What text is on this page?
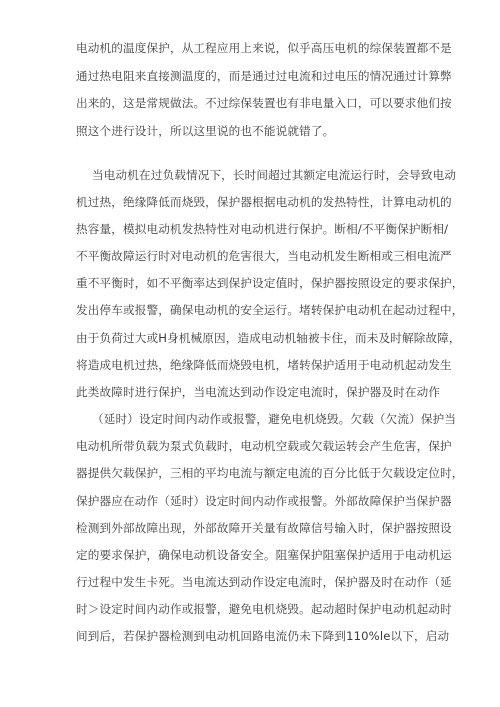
电动机的温度保护，从工程应用上来说，似乎高压电机的综保装置都不是
通过热电阻来直接测温度的，而是通过过电流和过电压的情况通过计算弊
出来的，这是常规做法。不过综保装置也有非电量入口，可以要求他们按
照这个进行设计，所以这里说的也不能说就错了。
当电动机在过负载情况下，长时间超过其额定电流运行时，会导致电动
机过热，绝缘降低而烧毁，保护器根据电动机的发热特性，计算电动机的
热容量，模拟电动机发热特性对电动机进行保护。断相/不平衡保护断相/
不平衡故障运行时对电动机的危害很大，当电动机发生断相或三相电流严
重不平衡时，如不平衡率达到保护设定值时，保护器按照设定的要求保护，
发出停车或报警，确保电动机的安全运行。堵转保护电动机在起动过程中，
由于负荷过大或H身机械原因，造成电动机轴被卡住，而未及时解除故障，
将造成电机过热，绝缘降低而烧毁电机，堵转保护适用于电动机起动发生
此类故障时进行保护，当电流达到动作设定电流时，保护器及时在动作
（延时）设定时间内动作或报警，避免电机烧毁。欠载（欠流）保护当
电动机所带负载为泵式负载时，电动机空载或欠载运转会产生危害，保护
器提供欠载保护，三相的平均电流与额定电流的百分比低于欠载设定位时，
保护器应在动作（延时）设定时间内动作或报警。外部故障保护当保护器
检测到外部故障出现，外部故障开关量有故障信号输入时，保护器按照设
定的要求保护，确保电动机设备安全。阻塞保护阻塞保护适用于电动机运
行过程中发生卡死。当电流达到动作设定电流时，保护器及时在动作（延
时＞设定时间内动作或报警，避免电机烧毁。起动超时保护电动机起动时
间到后，若保护器检测到电动机回路电流仍未下降到110%le以下，启动
